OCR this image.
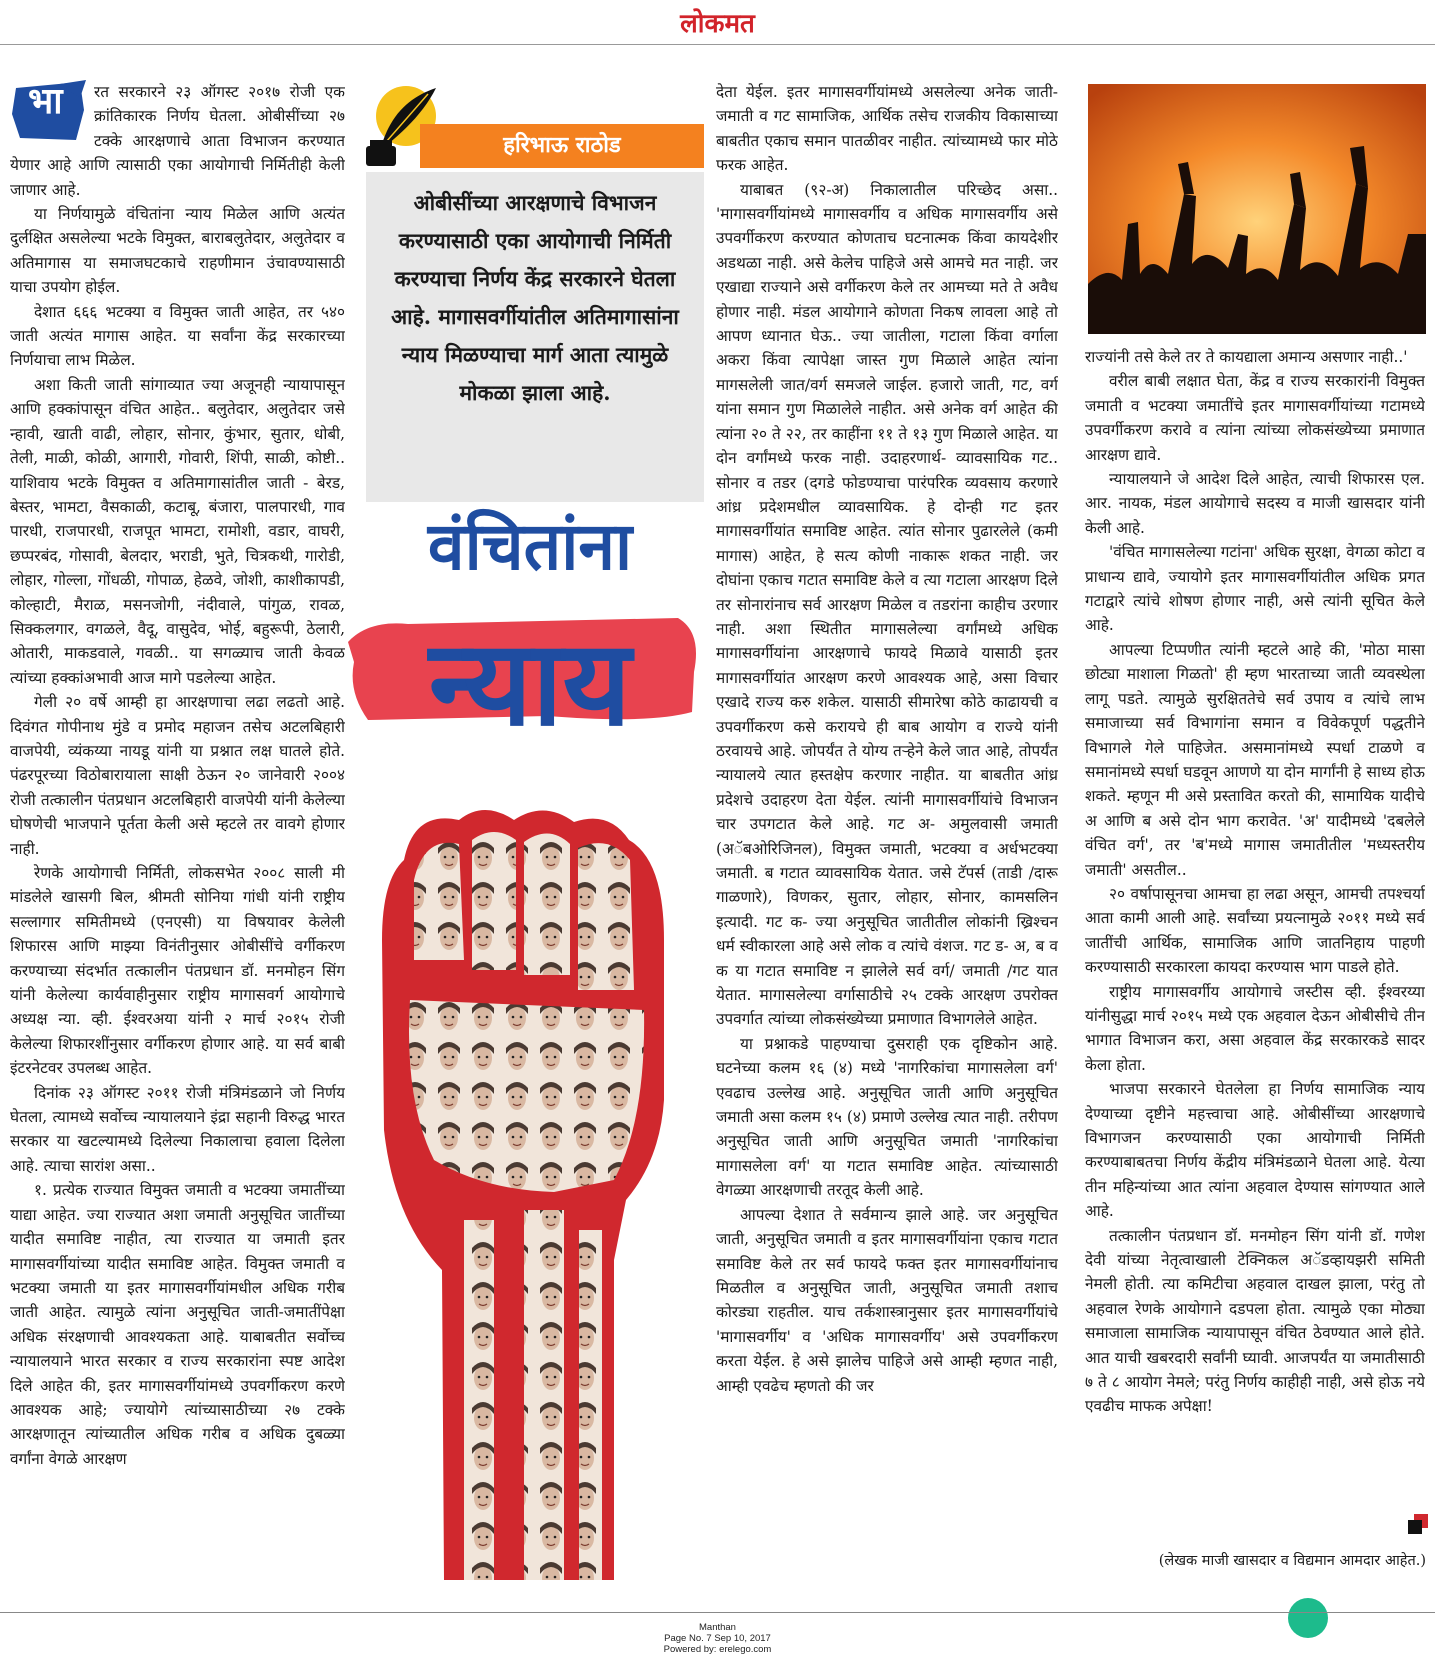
लोकमत
भा	रत सरकारने २३ ऑगस्ट २०१७ रोजी एक क्रांतिकारक निर्णय घेतला. ओबीसींच्या २७ टक्के आरक्षणाचे आता विभाजन करण्यात येणार आहे आणि त्यासाठी एका आयोगाची निर्मितीही केली जाणार आहे.

या निर्णयामुळे वंचितांना न्याय मिळेल आणि अत्यंत दुर्लक्षित असलेल्या भटके विमुक्त, बाराबलुतेदार, अलुतेदार व अतिमागास या समाजघटकाचे राहणीमान उंचावण्यासाठी याचा उपयोग होईल.

देशात ६६६ भटक्या व विमुक्त जाती आहेत, तर ५४० जाती अत्यंत मागास आहेत. या सर्वांना केंद्र सरकारच्या निर्णयाचा लाभ मिळेल.

अशा किती जाती सांगाव्यात ज्या अजूनही न्यायापासून आणि हक्कांपासून वंचित आहेत.. बलुतेदार, अलुतेदार जसे न्हावी, खाती वाढी, लोहार, सोनार, कुंभार, सुतार, धोबी, तेली, माळी, कोळी, आगारी, गोवारी, शिंपी, साळी, कोष्टी.. याशिवाय भटके विमुक्त व अतिमागासांतील जाती - बेरड, बेस्तर, भामटा, वैसकाळी, कटाबू, बंजारा, पालपारधी, गाव पारधी, राजपारधी, राजपूत भामटा, रामोशी, वडार, वाघरी, छप्परबंद, गोसावी, बेलदार, भराडी, भुते, चित्रकथी, गारोडी, लोहार, गोल्ला, गोंधळी, गोपाळ, हेळवे, जोशी, काशीकापडी, कोल्हाटी, मैराळ, मसनजोगी, नंदीवाले, पांगुळ, रावळ, सिक्कलगार, वगळले, वैदू, वासुदेव, भोई, बहुरूपी, ठेलारी, ओतारी, माकडवाले, गवळी.. या सगळ्याच जाती केवळ त्यांच्या हक्कांअभावी आज मागे पडलेल्या आहेत.

गेली २० वर्षे आम्ही हा आरक्षणाचा लढा लढतो आहे. दिवंगत गोपीनाथ मुंडे व प्रमोद महाजन तसेच अटलबिहारी वाजपेयी, व्यंकय्या नायडू यांनी या प्रश्नात लक्ष घातले होते. पंढरपूरच्या विठोबारायाला साक्षी ठेऊन २० जानेवारी २००४ रोजी तत्कालीन पंतप्रधान अटलबिहारी वाजपेयी यांनी केलेल्या घोषणेची भाजपाने पूर्तता केली असे म्हटले तर वावगे होणार नाही.

रेणके आयोगाची निर्मिती, लोकसभेत २००८ साली मी मांडलेले खासगी बिल, श्रीमती सोनिया गांधी यांनी राष्ट्रीय सल्लागार समितीमध्ये (एनएसी) या विषयावर केलेली शिफारस आणि माझ्या विनंतीनुसार ओबीसींचे वर्गीकरण करण्याच्या संदर्भात तत्कालीन पंतप्रधान डॉ. मनमोहन सिंग यांनी केलेल्या कार्यवाहीनुसार राष्ट्रीय मागासवर्ग आयोगाचे अध्यक्ष न्या. व्ही. ईश्वरअया यांनी २ मार्च २०१५ रोजी केलेल्या शिफारशींनुसार वर्गीकरण होणार आहे. या सर्व बाबी इंटरनेटवर उपलब्ध आहेत.

दिनांक २३ ऑगस्ट २०११ रोजी मंत्रिमंडळाने जो निर्णय घेतला, त्यामध्ये सर्वोच्च न्यायालयाने इंद्रा सहानी विरुद्ध भारत सरकार या खटल्यामध्ये दिलेल्या निकालाचा हवाला दिलेला आहे. त्याचा सारांश असा..

१. प्रत्येक राज्यात विमुक्त जमाती व भटक्या जमातींच्या याद्या आहेत. ज्या राज्यात अशा जमाती अनुसूचित जातींच्या यादीत समाविष्ट नाहीत, त्या राज्यात या जमाती इतर मागासवर्गीयांच्या यादीत समाविष्ट आहेत. विमुक्त जमाती व भटक्या जमाती या इतर मागासवर्गीयांमधील अधिक गरीब जाती आहेत. त्यामुळे त्यांना अनुसूचित जाती-जमातींपेक्षा अधिक संरक्षणाची आवश्यकता आहे. याबाबतीत सर्वोच्च न्यायालयाने भारत सरकार व राज्य सरकारांना स्पष्ट आदेश दिले आहेत की, इतर मागासवर्गीयांमध्ये उपवर्गीकरण करणे आवश्यक आहे; ज्यायोगे त्यांच्यासाठीच्या २७ टक्के आरक्षणातून त्यांच्यातील अधिक गरीब व अधिक दुबळ्या वर्गांना वेगळे आरक्षण

हरिभाऊ राठोड

ओबीसींच्या आरक्षणाचे विभाजन करण्यासाठी एका आयोगाची निर्मिती करण्याचा निर्णय केंद्र सरकारने घेतला आहे. मागासवर्गीयांतील अतिमागासांना न्याय मिळण्याचा मार्ग आता त्यामुळे मोकळा झाला आहे.

वंचितांना
न्याय

देता येईल. इतर मागासवर्गीयांमध्ये असलेल्या अनेक जाती-जमाती व गट सामाजिक, आर्थिक तसेच राजकीय विकासाच्या बाबतीत एकाच समान पातळीवर नाहीत. त्यांच्यामध्ये फार मोठे फरक आहेत.

याबाबत (९२-अ) निकालातील परिच्छेद असा.. 'मागासवर्गीयांमध्ये मागासवर्गीय व अधिक मागासवर्गीय असे उपवर्गीकरण करण्यात कोणताच घटनात्मक किंवा कायदेशीर अडथळा नाही. असे केलेच पाहिजे असे आमचे मत नाही. जर एखाद्या राज्याने असे वर्गीकरण केले तर आमच्या मते ते अवैध होणार नाही. मंडल आयोगाने कोणता निकष लावला आहे तो आपण ध्यानात घेऊ.. ज्या जातीला, गटाला किंवा वर्गाला अकरा किंवा त्यापेक्षा जास्त गुण मिळाले आहेत त्यांना मागसलेली जात/वर्ग समजले जाईल. हजारो जाती, गट, वर्ग यांना समान गुण मिळालेले नाहीत. असे अनेक वर्ग आहेत की त्यांना २० ते २२, तर काहींना ११ ते १३ गुण मिळाले आहेत. या दोन वर्गांमध्ये फरक नाही. उदाहरणार्थ- व्यावसायिक गट.. सोनार व तडर (दगडे फोडण्याचा पारंपरिक व्यवसाय करणारे आंध्र प्रदेशमधील व्यावसायिक. हे दोन्ही गट इतर मागासवर्गीयांत समाविष्ट आहेत. त्यांत सोनार पुढारलेले (कमी मागास) आहेत, हे सत्य कोणी नाकारू शकत नाही. जर दोघांना एकाच गटात समाविष्ट केले व त्या गटाला आरक्षण दिले तर सोनारांनाच सर्व आरक्षण मिळेल व तडरांना काहीच उरणार नाही. अशा स्थितीत मागासलेल्या वर्गांमध्ये अधिक मागासवर्गीयांना आरक्षणाचे फायदे मिळावे यासाठी इतर मागासवर्गीयांत आरक्षण करणे आवश्यक आहे, असा विचार एखादे राज्य करु शकेल. यासाठी सीमारेषा कोठे काढायची व उपवर्गीकरण कसे करायचे ही बाब आयोग व राज्ये यांनी ठरवायचे आहे. जोपर्यंत ते योग्य तऱ्हेने केले जात आहे, तोपर्यंत न्यायालये त्यात हस्तक्षेप करणार नाहीत. या बाबतीत आंध्र प्रदेशचे उदाहरण देता येईल. त्यांनी मागासवर्गीयांचे विभाजन चार उपगटात केले आहे. गट अ- अमुलवासी जमाती (अॅबओरिजिनल), विमुक्त जमाती, भटक्या व अर्धभटक्या जमाती. ब गटात व्यावसायिक येतात. जसे टॅपर्स (ताडी /दारू गाळणारे), विणकर, सुतार, लोहार, सोनार, कामसलिन इत्यादी. गट क- ज्या अनुसूचित जातीतील लोकांनी ख्रिश्चन धर्म स्वीकारला आहे असे लोक व त्यांचे वंशज. गट ड- अ, ब व क या गटात समाविष्ट न झालेले सर्व वर्ग/ जमाती /गट यात येतात. मागासलेल्या वर्गासाठीचे २५ टक्के आरक्षण उपरोक्त उपवर्गात त्यांच्या लोकसंख्येच्या प्रमाणात विभागलेले आहेत.

या प्रश्नाकडे पाहण्याचा दुसराही एक दृष्टिकोन आहे. घटनेच्या कलम १६ (४) मध्ये 'नागरिकांचा मागासलेला वर्ग' एवढाच उल्लेख आहे. अनुसूचित जाती आणि अनुसूचित जमाती असा कलम १५ (४) प्रमाणे उल्लेख त्यात नाही. तरीपण अनुसूचित जाती आणि अनुसूचित जमाती 'नागरिकांचा मागासलेला वर्ग' या गटात समाविष्ट आहेत. त्यांच्यासाठी वेगळ्या आरक्षणाची तरतूद केली आहे.

आपल्या देशात ते सर्वमान्य झाले आहे. जर अनुसूचित जाती, अनुसूचित जमाती व इतर मागासवर्गीयांना एकाच गटात समाविष्ट केले तर सर्व फायदे फक्त इतर मागासवर्गीयांनाच मिळतील व अनुसूचित जाती, अनुसूचित जमाती तशाच कोरड्या राहतील. याच तर्कशास्त्रानुसार इतर मागासवर्गीयांचे 'मागासवर्गीय' व 'अधिक मागासवर्गीय' असे उपवर्गीकरण करता येईल. हे असे झालेच पाहिजे असे आम्ही म्हणत नाही, आम्ही एवढेच म्हणतो की जर

राज्यांनी तसे केले तर ते कायद्याला अमान्य असणार नाही..'

वरील बाबी लक्षात घेता, केंद्र व राज्य सरकारांनी विमुक्त जमाती व भटक्या जमातींचे इतर मागासवर्गीयांच्या गटामध्ये उपवर्गीकरण करावे व त्यांना त्यांच्या लोकसंख्येच्या प्रमाणात आरक्षण द्यावे.

न्यायालयाने जे आदेश दिले आहेत, त्याची शिफारस एल. आर. नायक, मंडल आयोगाचे सदस्य व माजी खासदार यांनी केली आहे.

'वंचित मागासलेल्या गटांना' अधिक सुरक्षा, वेगळा कोटा व प्राधान्य द्यावे, ज्यायोगे इतर मागासवर्गीयांतील अधिक प्रगत गटाद्वारे त्यांचे शोषण होणार नाही, असे त्यांनी सूचित केले आहे.

आपल्या टिप्पणीत त्यांनी म्हटले आहे की, 'मोठा मासा छोट्या माशाला गिळतो' ही म्हण भारताच्या जाती व्यवस्थेला लागू पडते. त्यामुळे सुरक्षिततेचे सर्व उपाय व त्यांचे लाभ समाजाच्या सर्व विभागांना समान व विवेकपूर्ण पद्धतीने विभागले गेले पाहिजेत. असमानांमध्ये स्पर्धा टाळणे व समानांमध्ये स्पर्धा घडवून आणणे या दोन मार्गांनी हे साध्य होऊ शकते. म्हणून मी असे प्रस्तावित करतो की, सामायिक यादीचे अ आणि ब असे दोन भाग करावेत. 'अ' यादीमध्ये 'दबलेले वंचित वर्ग', तर 'ब'मध्ये मागास जमातीतील 'मध्यस्तरीय जमाती' असतील..

२० वर्षापासूनचा आमचा हा लढा असून, आमची तपश्चर्या आता कामी आली आहे. सर्वांच्या प्रयत्नामुळे २०११ मध्ये सर्व जातींची आर्थिक, सामाजिक आणि जातनिहाय पाहणी करण्यासाठी सरकारला कायदा करण्यास भाग पाडले होते.

राष्ट्रीय मागासवर्गीय आयोगाचे जस्टीस व्ही. ईश्वरय्या यांनीसुद्धा मार्च २०१५ मध्ये एक अहवाल देऊन ओबीसीचे तीन भागात विभाजन करा, असा अहवाल केंद्र सरकारकडे सादर केला होता.

भाजपा सरकारने घेतलेला हा निर्णय सामाजिक न्याय देण्याच्या दृष्टीने महत्त्वाचा आहे. ओबीसींच्या आरक्षणाचे विभागजन करण्यासाठी एका आयोगाची निर्मिती करण्याबाबतचा निर्णय केंद्रीय मंत्रिमंडळाने घेतला आहे. येत्या तीन महिन्यांच्या आत त्यांना अहवाल देण्यास सांगण्यात आले आहे.

तत्कालीन पंतप्रधान डॉ. मनमोहन सिंग यांनी डॉ. गणेश देवी यांच्या नेतृत्वाखाली टेक्निकल अॅडव्हायझरी समिती नेमली होती. त्या कमिटीचा अहवाल दाखल झाला, परंतु तो अहवाल रेणके आयोगाने दडपला होता. त्यामुळे एका मोठ्या समाजाला सामाजिक न्यायापासून वंचित ठेवण्यात आले होते. आत याची खबरदारी सर्वांनी घ्यावी. आजपर्यंत या जमातीसाठी ७ ते ८ आयोग नेमले; परंतु निर्णय काहीही नाही, असे होऊ नये एवढीच माफक अपेक्षा!

(लेखक माजी खासदार व विद्यमान आमदार आहेत.)
Manthan
Page No. 7 Sep 10, 2017
Powered by: erelego.com
